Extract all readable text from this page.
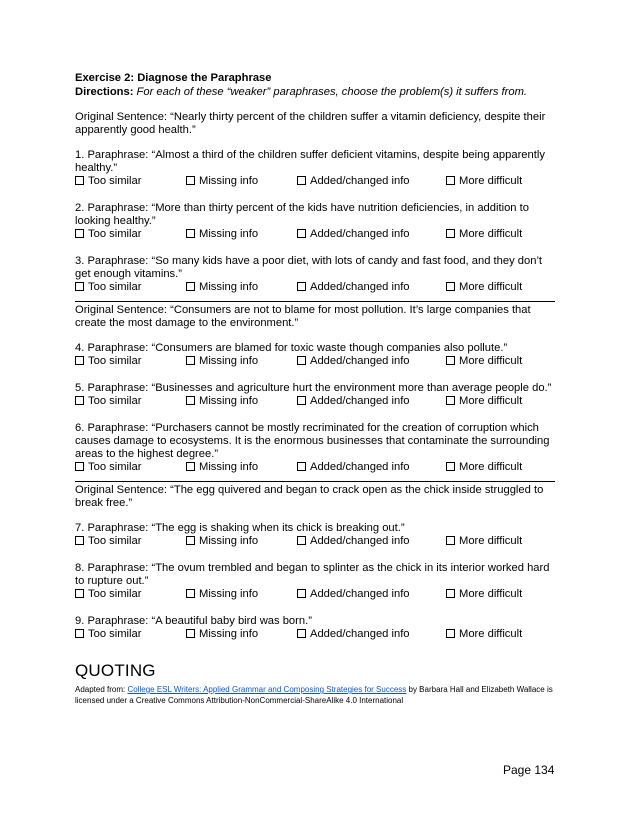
Exercise 2: Diagnose the Paraphrase
Directions: For each of these “weaker” paraphrases, choose the problem(s) it suffers from.
Original Sentence: “Nearly thirty percent of the children suffer a vitamin deficiency, despite their apparently good health.”
1. Paraphrase: “Almost a third of the children suffer deficient vitamins, despite being apparently healthy.”
Too similar	Missing info	Added/changed info	More difficult
2. Paraphrase: “More than thirty percent of the kids have nutrition deficiencies, in addition to looking healthy.”
Too similar	Missing info	Added/changed info	More difficult
3. Paraphrase: “So many kids have a poor diet, with lots of candy and fast food, and they don’t get enough vitamins.”
Too similar	Missing info	Added/changed info	More difficult
Original Sentence: “Consumers are not to blame for most pollution. It’s large companies that create the most damage to the environment.”
4. Paraphrase: “Consumers are blamed for toxic waste though companies also pollute.”
Too similar	Missing info	Added/changed info	More difficult
5. Paraphrase: “Businesses and agriculture hurt the environment more than average people do.”
Too similar	Missing info	Added/changed info	More difficult
6. Paraphrase: “Purchasers cannot be mostly recriminated for the creation of corruption which causes damage to ecosystems. It is the enormous businesses that contaminate the surrounding areas to the highest degree.”
Too similar	Missing info	Added/changed info	More difficult
Original Sentence: “The egg quivered and began to crack open as the chick inside struggled to break free.”
7. Paraphrase: “The egg is shaking when its chick is breaking out.”
Too similar	Missing info	Added/changed info	More difficult
8. Paraphrase: “The ovum trembled and began to splinter as the chick in its interior worked hard to rupture out.”
Too similar	Missing info	Added/changed info	More difficult
9. Paraphrase: “A beautiful baby bird was born.”
Too similar	Missing info	Added/changed info	More difficult
QUOTING
Adapted from: College ESL Writers: Applied Grammar and Composing Strategies for Success by Barbara Hall and Elizabeth Wallace is licensed under a Creative Commons Attribution-NonCommercial-ShareAlike 4.0 International
Page 134
